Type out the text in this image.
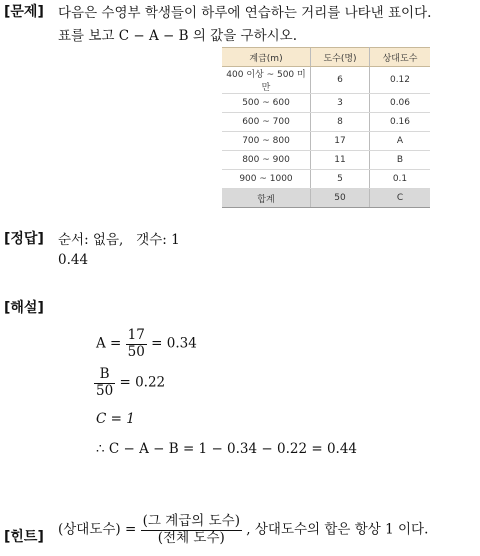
[문제] 다음은 수영부 학생들이 하루에 연습하는 거리를 나타낸 표이다.
표를 보고 C − A − B 의 값을 구하시오.
계급(m)	도수(명)	상대도수
400 이상 ~ 500 미만	6	0.12
500 ~ 600	3	0.06
600 ~ 700	8	0.16
700 ~ 800	17	A
800 ~ 900	11	B
900 ~ 1000	5	0.1
합계	50	C
[정답] 순서: 없음,   갯수: 1
0.44
[해설]
$A = \frac{17}{50} = 0.34$
$\frac{B}{50} = 0.22$
C = 1
∴ C − A − B = 1 − 0.34 − 0.22 = 0.44
[힌트] (상대도수) = $\frac{\text{(그 계급의 도수)}}{\text{(전체 도수)}}$ , 상대도수의 합은 항상 1 이다.
